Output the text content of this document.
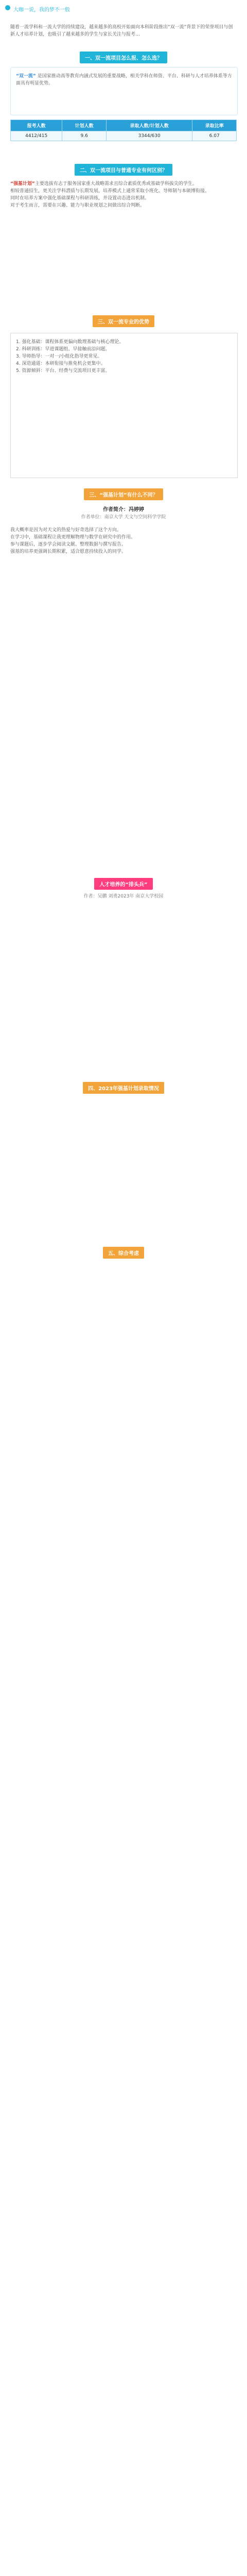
大咖一说，我的梦不一般
随着一流学科和一流大学的持续建设，越来越多的高校开始面向本科阶段推出“双一流”背景下的荣誉项目与创新人才培养计划，也吸引了越来越多的学生与家长关注与报考…
一、双一流项目怎么报、怎么选？
“双一流” 是国家推动高等教育内涵式发展的重要战略，相关学科在师资、平台、科研与人才培养体系等方面具有明显优势。
报考人数	计划人数	录取人数/计划人数	录取比率
4412/415	9.6	3344/630	6.07
二、双一流项目与普通专业有何区别？
“强基计划”主要选拔有志于服务国家重大战略需求且综合素质优秀或基础学科拔尖的学生。
相较普通招生，更关注学科潜质与长期发展，培养模式上通常采取小班化、导师制与本硕博衔接。
同时在培养方案中强化基础课程与科研训练，并设置动态进出机制。
对于考生而言，需要在兴趣、能力与职业规划之间做出综合判断。
三、双一流专业的优势
1. 强化基础：课程体系更偏向数理基础与核心理论。
2. 科研训练：早进课题组、早接触前沿问题。
3. 导师指导：一对一/小组化指导更常见。
4. 深造通道：本研衔接与推免机会更集中。
5. 资源倾斜：平台、经费与交流项目更丰富。
三、“强基计划”有什么不同？
作者简介：冯婷婷
作者单位：南京大学 天文与空间科学学院
我大概率是因为对天文的热爱与好奇选择了这个方向。
在学习中，基础课程让我更理解物理与数学在研究中的作用。
参与课题后，逐步学会阅读文献、整理数据与撰写报告。
强基的培养更强调长期积累，适合愿意持续投入的同学。
人才培养的“排头兵”
作者：吴鹏 刘勇2023年 南京大学校园
四、2023年强基计划录取情况
五、综合考虑
